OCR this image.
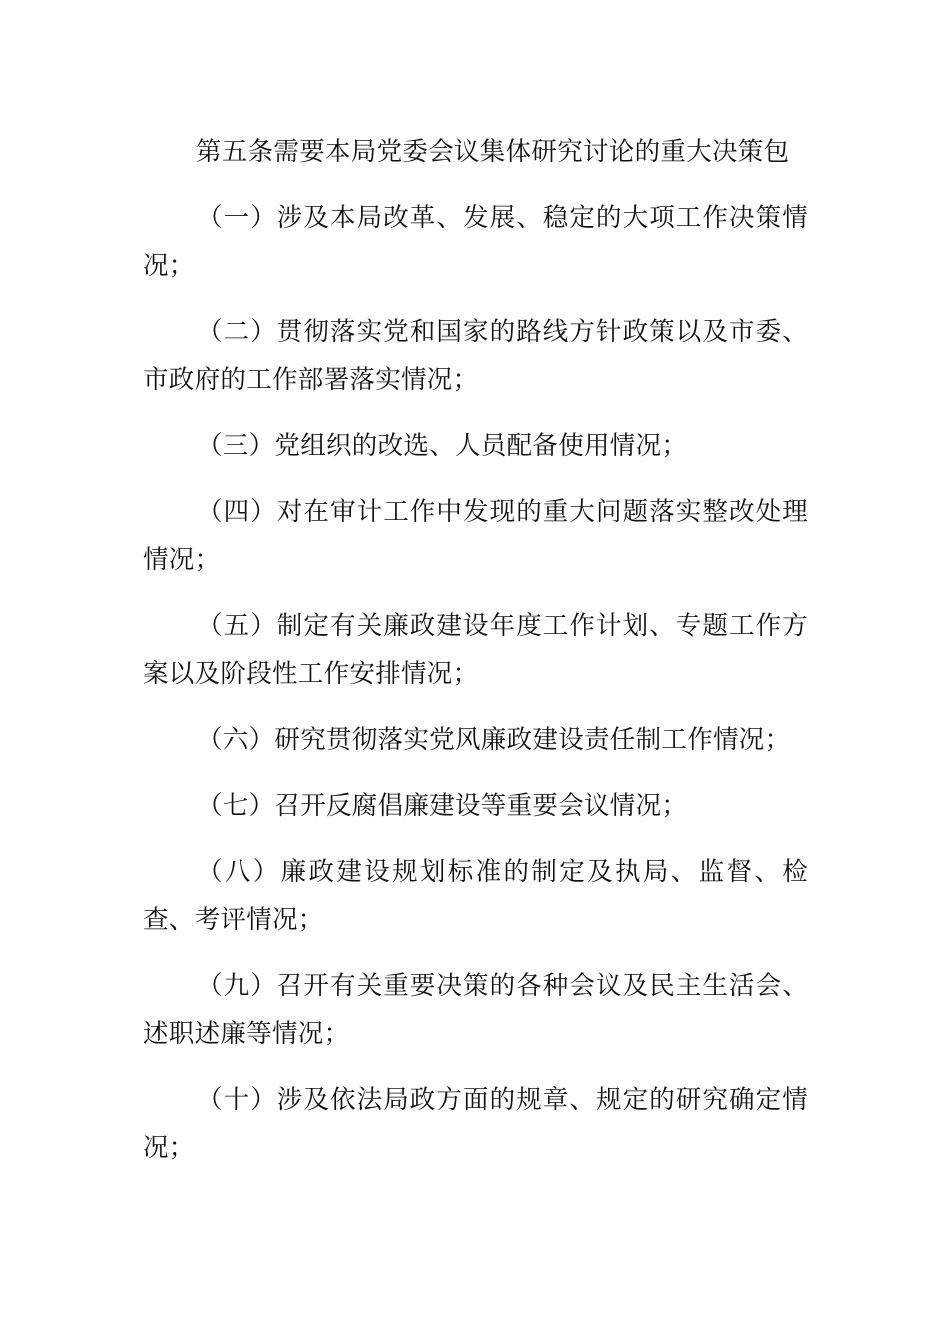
第五条需要本局党委会议集体研究讨论的重大决策包

（一）涉及本局改革、发展、稳定的大项工作决策情况；

（二）贯彻落实党和国家的路线方针政策以及市委、市政府的工作部署落实情况；

（三）党组织的改选、人员配备使用情况；

（四）对在审计工作中发现的重大问题落实整改处理情况；

（五）制定有关廉政建设年度工作计划、专题工作方案以及阶段性工作安排情况；

（六）研究贯彻落实党风廉政建设责任制工作情况；

（七）召开反腐倡廉建设等重要会议情况；

（八）廉政建设规划标准的制定及执局、监督、检查、考评情况；

（九）召开有关重要决策的各种会议及民主生活会、述职述廉等情况；

（十）涉及依法局政方面的规章、规定的研究确定情况；
